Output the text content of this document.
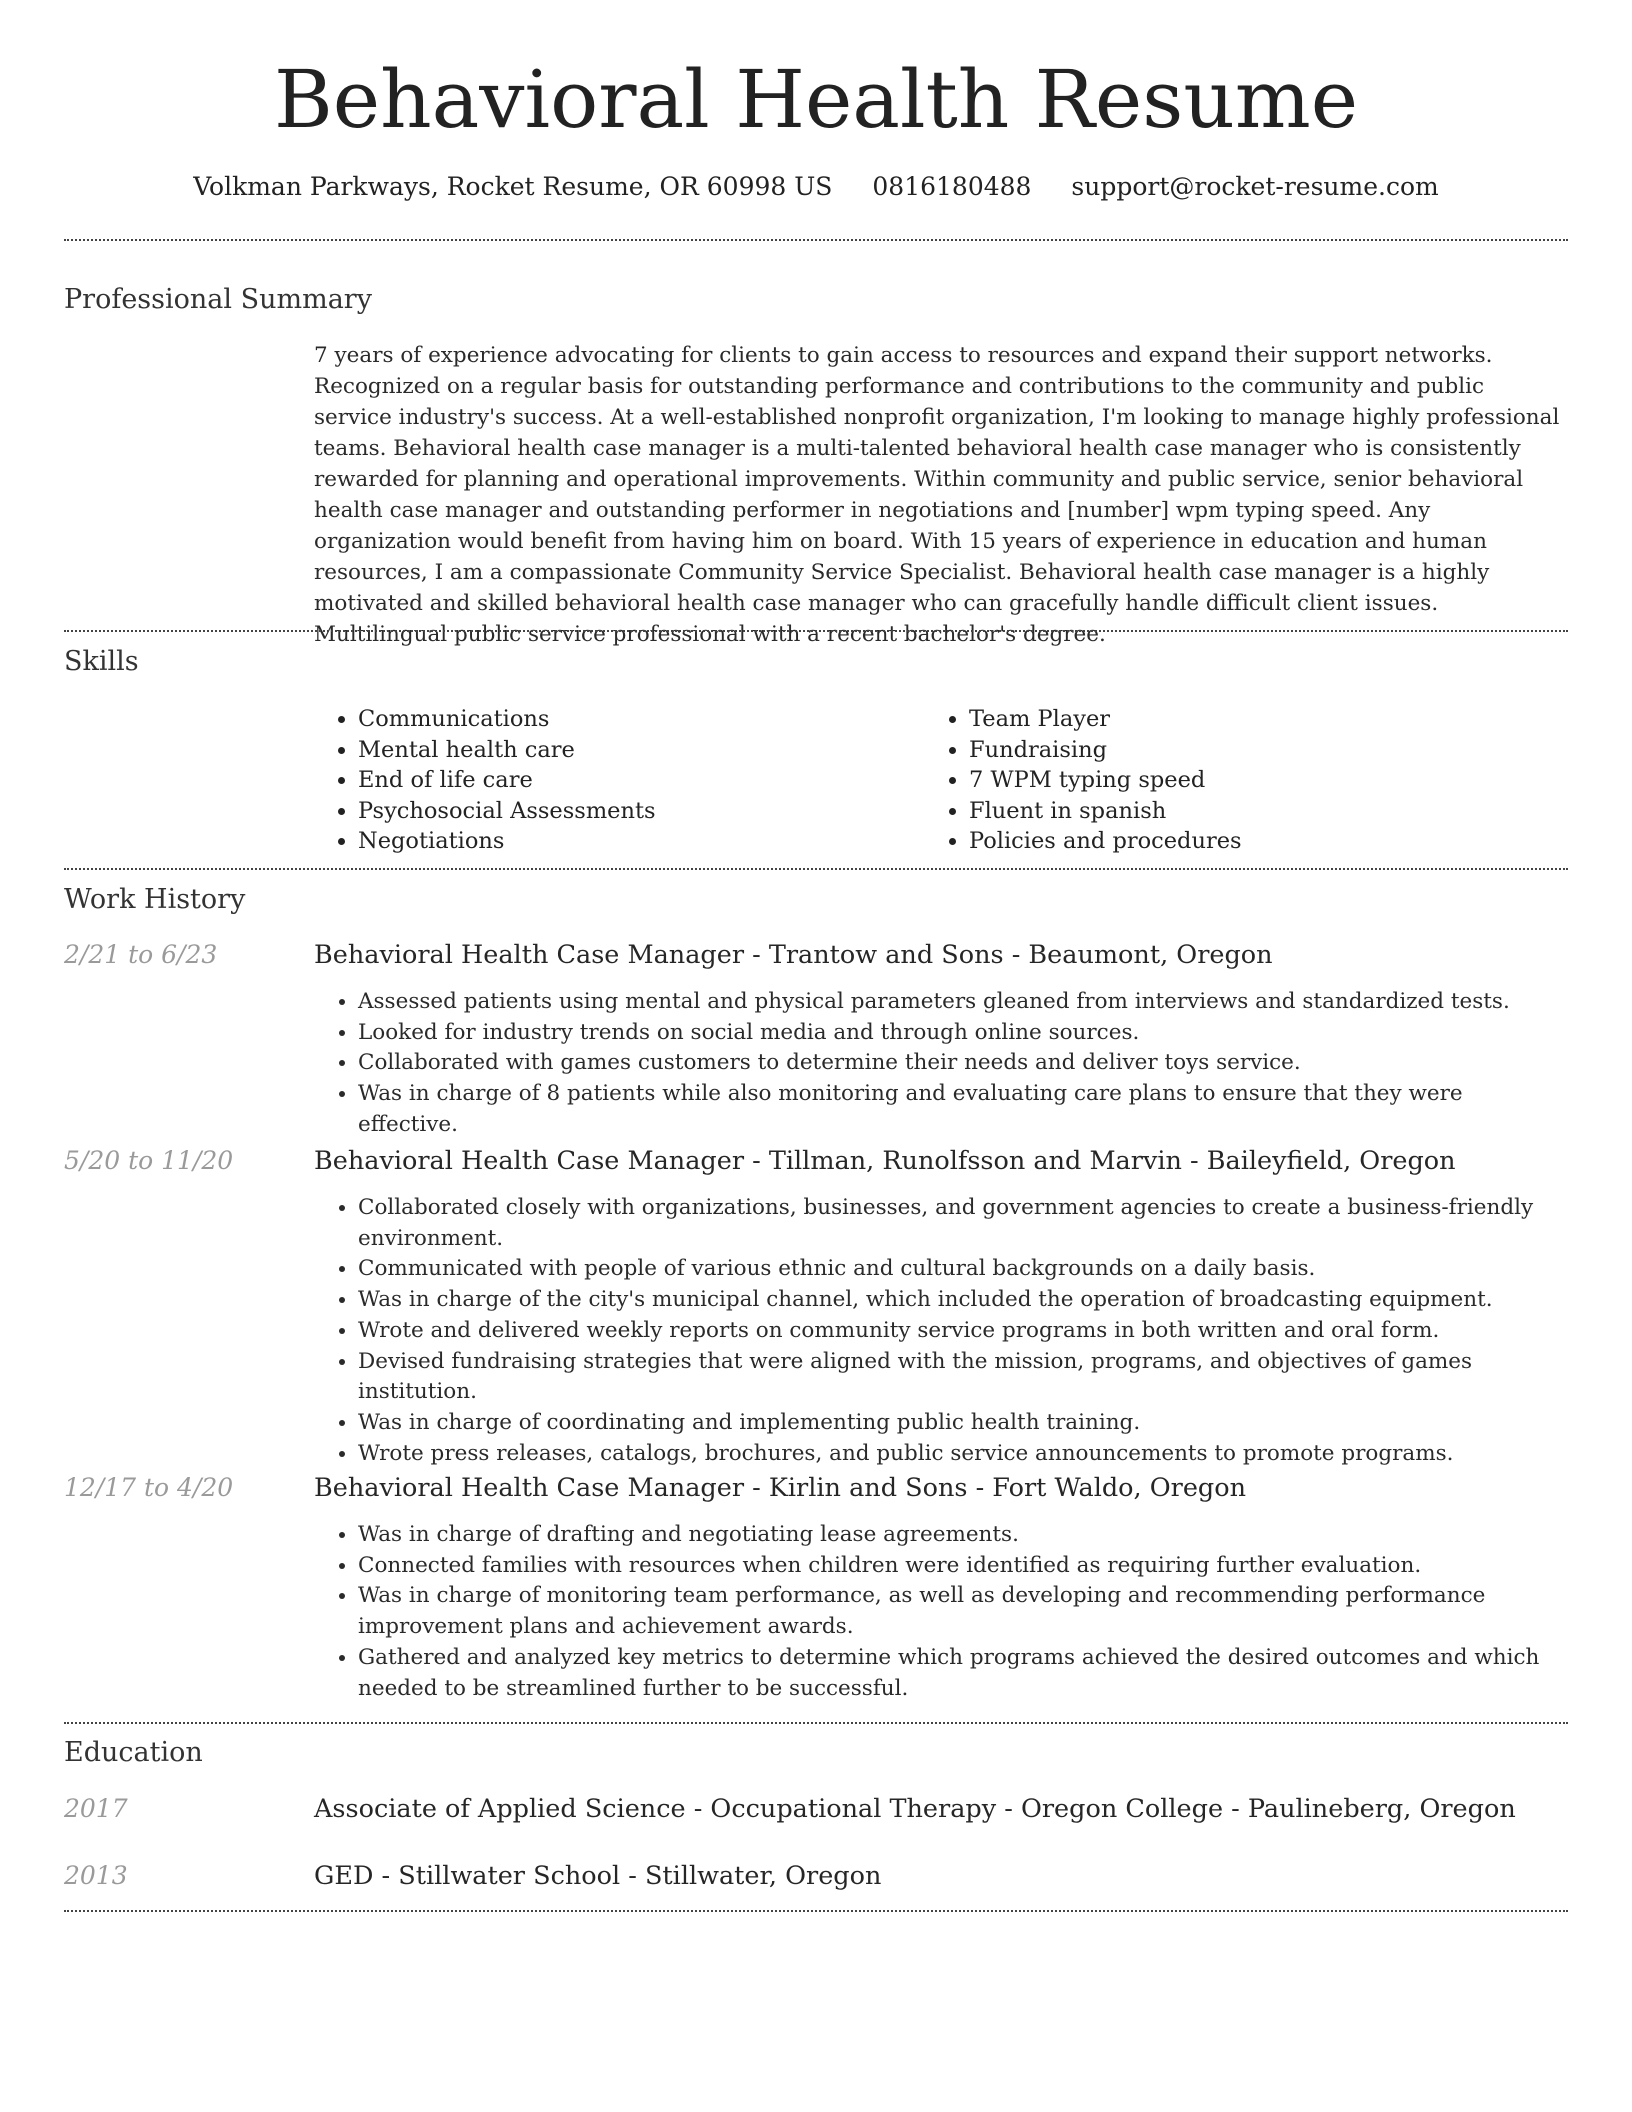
Behavioral Health Resume
Volkman Parkways, Rocket Resume, OR 60998 US 0816180488 support@rocket-resume.com
Professional Summary
7 years of experience advocating for clients to gain access to resources and expand their support networks. Recognized on a regular basis for outstanding performance and contributions to the community and public service industry's success. At a well-established nonprofit organization, I'm looking to manage highly professional teams. Behavioral health case manager is a multi-talented behavioral health case manager who is consistently rewarded for planning and operational improvements. Within community and public service, senior behavioral health case manager and outstanding performer in negotiations and [number] wpm typing speed. Any organization would benefit from having him on board. With 15 years of experience in education and human resources, I am a compassionate Community Service Specialist. Behavioral health case manager is a highly motivated and skilled behavioral health case manager who can gracefully handle difficult client issues. Multilingual public service professional with a recent bachelor's degree.
Skills
• Communications
• Mental health care
• End of life care
• Psychosocial Assessments
• Negotiations
• Team Player
• Fundraising
• 7 WPM typing speed
• Fluent in spanish
• Policies and procedures
Work History
2/21 to 6/23	Behavioral Health Case Manager - Trantow and Sons - Beaumont, Oregon
• Assessed patients using mental and physical parameters gleaned from interviews and standardized tests.
• Looked for industry trends on social media and through online sources.
• Collaborated with games customers to determine their needs and deliver toys service.
• Was in charge of 8 patients while also monitoring and evaluating care plans to ensure that they were effective.
5/20 to 11/20	Behavioral Health Case Manager - Tillman, Runolfsson and Marvin - Baileyfield, Oregon
• Collaborated closely with organizations, businesses, and government agencies to create a business-friendly environment.
• Communicated with people of various ethnic and cultural backgrounds on a daily basis.
• Was in charge of the city's municipal channel, which included the operation of broadcasting equipment.
• Wrote and delivered weekly reports on community service programs in both written and oral form.
• Devised fundraising strategies that were aligned with the mission, programs, and objectives of games institution.
• Was in charge of coordinating and implementing public health training.
• Wrote press releases, catalogs, brochures, and public service announcements to promote programs.
12/17 to 4/20	Behavioral Health Case Manager - Kirlin and Sons - Fort Waldo, Oregon
• Was in charge of drafting and negotiating lease agreements.
• Connected families with resources when children were identified as requiring further evaluation.
• Was in charge of monitoring team performance, as well as developing and recommending performance improvement plans and achievement awards.
• Gathered and analyzed key metrics to determine which programs achieved the desired outcomes and which needed to be streamlined further to be successful.
Education
2017	Associate of Applied Science - Occupational Therapy - Oregon College - Paulineberg, Oregon
2013	GED - Stillwater School - Stillwater, Oregon
